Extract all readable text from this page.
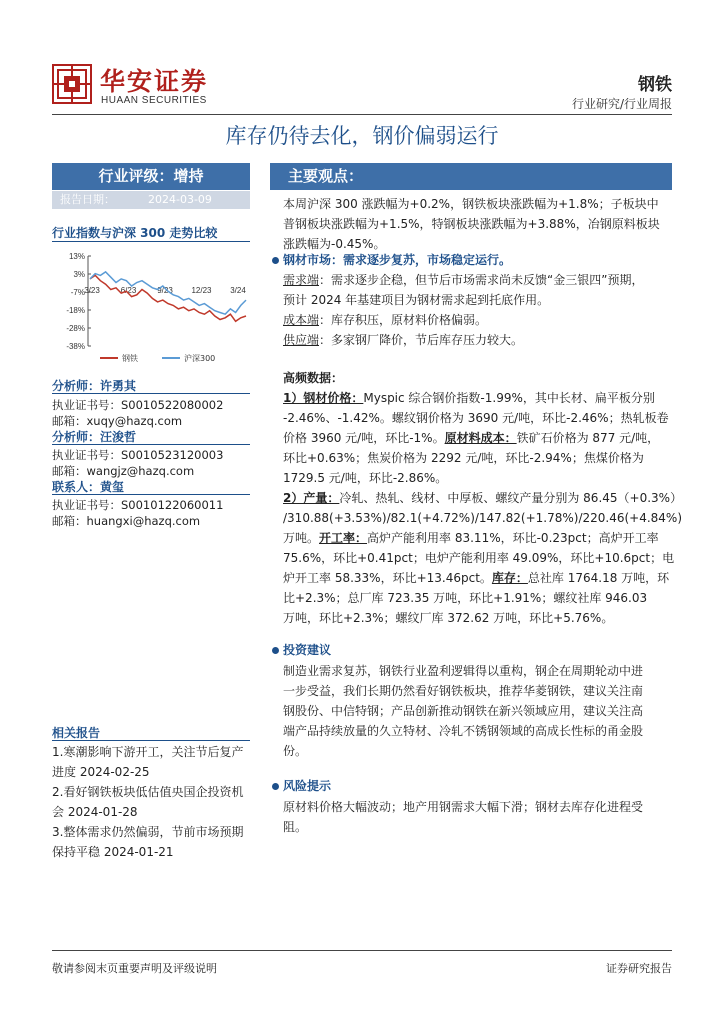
华安证券
HUAAN SECURITIES
钢铁
行业研究/行业周报
库存仍待去化，钢价偏弱运行
行业评级：增持
报告日期：	2024-03-09
行业指数与沪深 300 走势比较
13%
3%
-7%
-18%
-28%
-38%
3/23	6/23	9/23 12/23 3/24
钢铁	沪深300
分析师：许勇其
执业证书号：S0010522080002
邮箱：xuqy@hazq.com
分析师：汪浚哲
执业证书号：S0010523120003
邮箱：wangjz@hazq.com
联系人：黄玺
执业证书号：S0010122060011
邮箱：huangxi@hazq.com
相关报告
1.寒潮影响下游开工，关注节后复产进度 2024-02-25
2.看好钢铁板块低估值央国企投资机会 2024-01-28
3.整体需求仍然偏弱，节前市场预期保持平稳 2024-01-21
主要观点：
本周沪深 300 涨跌幅为+0.2%，钢铁板块涨跌幅为+1.8%；子板块中
普钢板块涨跌幅为+1.5%，特钢板块涨跌幅为+3.88%，冶钢原料板块
涨跌幅为-0.45%。
钢材市场：需求逐步复苏，市场稳定运行。
需求端：需求逐步企稳，但节后市场需求尚未反馈“金三银四”预期，
预计 2024 年基建项目为钢材需求起到托底作用。
成本端：库存积压，原材料价格偏弱。
供应端：多家钢厂降价，节后库存压力较大。
高频数据：
1）钢材价格：Myspic 综合钢价指数-1.99%，其中长材、扁平板分别
-2.46%、-1.42%。螺纹钢价格为 3690 元/吨，环比-2.46%；热轧板卷
价格 3960 元/吨，环比-1%。原材料成本：铁矿石价格为 877 元/吨，
环比+0.63%；焦炭价格为 2292 元/吨，环比-2.94%；焦煤价格为
1729.5 元/吨，环比-2.86%。
2）产量：冷轧、热轧、线材、中厚板、螺纹产量分别为 86.45（+0.3%）
/310.88(+3.53%)/82.1(+4.72%)/147.82(+1.78%)/220.46(+4.84%)
万吨。开工率：高炉产能利用率 83.11%，环比-0.23pct；高炉开工率
75.6%，环比+0.41pct；电炉产能利用率 49.09%，环比+10.6pct；电
炉开工率 58.33%，环比+13.46pct。库存：总社库 1764.18 万吨，环
比+2.3%；总厂库 723.35 万吨，环比+1.91%；螺纹社库 946.03
万吨，环比+2.3%；螺纹厂库 372.62 万吨，环比+5.76%。
投资建议
制造业需求复苏，钢铁行业盈利逻辑得以重构，钢企在周期轮动中进
一步受益，我们长期仍然看好钢铁板块，推荐华菱钢铁，建议关注南
钢股份、中信特钢；产品创新推动钢铁在新兴领域应用，建议关注高
端产品持续放量的久立特材、冷轧不锈钢领域的高成长性标的甬金股
份。
风险提示
原材料价格大幅波动；地产用钢需求大幅下滑；钢材去库存化进程受
阻。
敬请参阅末页重要声明及评级说明	证券研究报告
